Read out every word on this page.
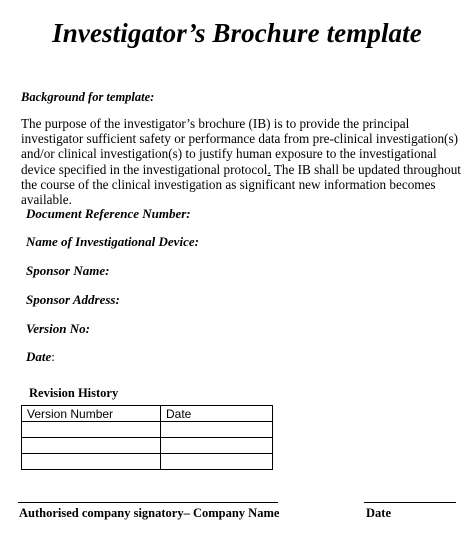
Investigator’s Brochure template
Background for template:
The purpose of the investigator’s brochure (IB) is to provide the principal investigator sufficient safety or performance data from pre-clinical investigation(s) and/or clinical investigation(s) to justify human exposure to the investigational device specified in the investigational protocol. The IB shall be updated throughout the course of the clinical investigation as significant new information becomes available.
Document Reference Number:
Name of Investigational Device:
Sponsor Name:
Sponsor Address:
Version No:
Date:
Revision History
Version Number	Date

Authorised company signatory– Company Name	Date
